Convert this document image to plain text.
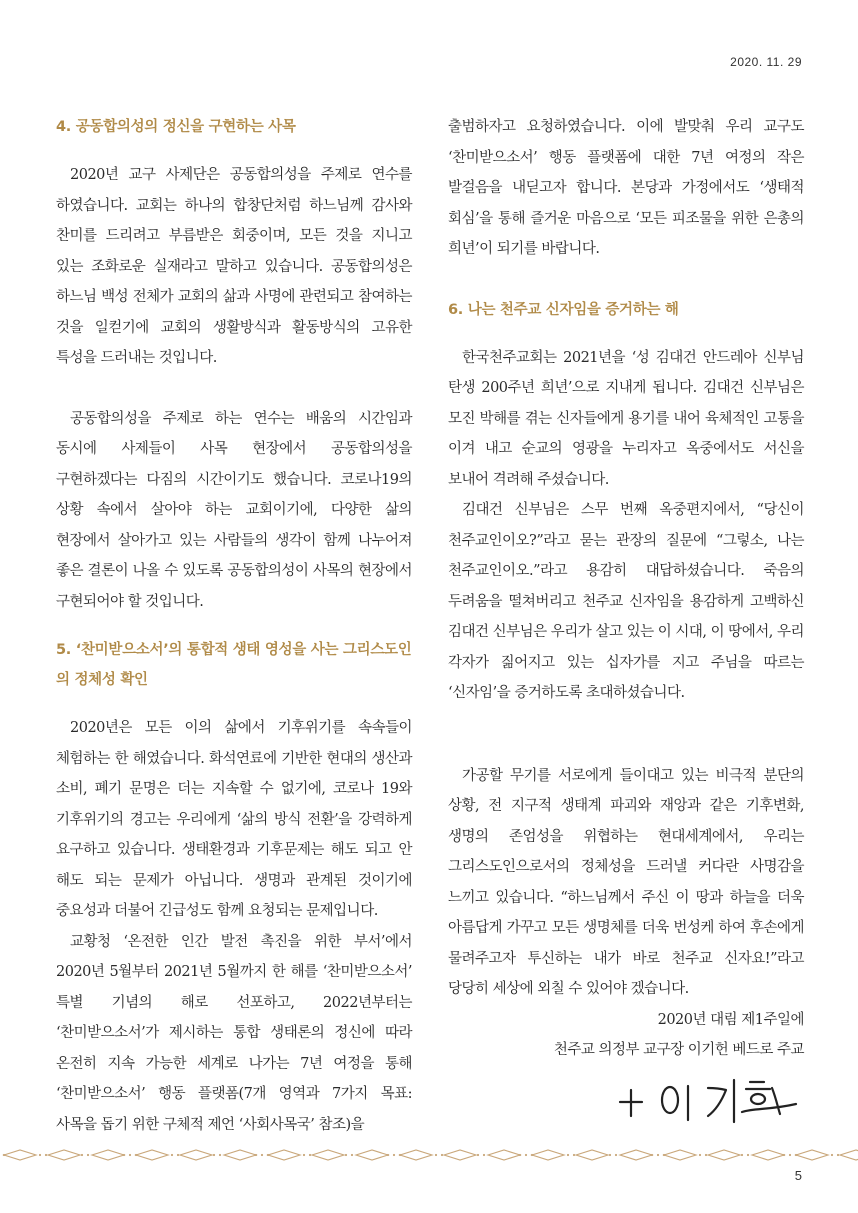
2020. 11. 29
4. 공동합의성의 정신을 구현하는 사목

2020년 교구 사제단은 공동합의성을 주제로 연수를 하였습니다. 교회는 하나의 합창단처럼 하느님께 감사와 찬미를 드리려고 부름받은 회중이며, 모든 것을 지니고 있는 조화로운 실재라고 말하고 있습니다. 공동합의성은 하느님 백성 전체가 교회의 삶과 사명에 관련되고 참여하는 것을 일컫기에 교회의 생활방식과 활동방식의 고유한 특성을 드러내는 것입니다.

공동합의성을 주제로 하는 연수는 배움의 시간임과 동시에 사제들이 사목 현장에서 공동합의성을 구현하겠다는 다짐의 시간이기도 했습니다. 코로나19의 상황 속에서 살아야 하는 교회이기에, 다양한 삶의 현장에서 살아가고 있는 사람들의 생각이 함께 나누어져 좋은 결론이 나올 수 있도록 공동합의성이 사목의 현장에서 구현되어야 할 것입니다.

5. ‘찬미받으소서’의 통합적 생태 영성을 사는 그리스도인의 정체성 확인

2020년은 모든 이의 삶에서 기후위기를 속속들이 체험하는 한 해였습니다. 화석연료에 기반한 현대의 생산과 소비, 폐기 문명은 더는 지속할 수 없기에, 코로나 19와 기후위기의 경고는 우리에게 ‘삶의 방식 전환’을 강력하게 요구하고 있습니다. 생태환경과 기후문제는 해도 되고 안 해도 되는 문제가 아닙니다. 생명과 관계된 것이기에 중요성과 더불어 긴급성도 함께 요청되는 문제입니다.

교황청 ‘온전한 인간 발전 촉진을 위한 부서’에서 2020년 5월부터 2021년 5월까지 한 해를 ‘찬미받으소서’ 특별 기념의 해로 선포하고, 2022년부터는 ‘찬미받으소서’가 제시하는 통합 생태론의 정신에 따라 온전히 지속 가능한 세계로 나가는 7년 여정을 통해 ‘찬미받으소서’ 행동 플랫폼(7개 영역과 7가지 목표: 사목을 돕기 위한 구체적 제언 ‘사회사목국’ 참조)을

출범하자고 요청하였습니다. 이에 발맞춰 우리 교구도 ‘찬미받으소서’ 행동 플랫폼에 대한 7년 여정의 작은 발걸음을 내딛고자 합니다. 본당과 가정에서도 ‘생태적 회심’을 통해 즐거운 마음으로 ‘모든 피조물을 위한 은총의 희년’이 되기를 바랍니다.

6. 나는 천주교 신자임을 증거하는 해

한국천주교회는 2021년을 ‘성 김대건 안드레아 신부님 탄생 200주년 희년’으로 지내게 됩니다. 김대건 신부님은 모진 박해를 겪는 신자들에게 용기를 내어 육체적인 고통을 이겨 내고 순교의 영광을 누리자고 옥중에서도 서신을 보내어 격려해 주셨습니다.

김대건 신부님은 스무 번째 옥중편지에서, “당신이 천주교인이오?”라고 묻는 관장의 질문에 “그렇소, 나는 천주교인이오.”라고 용감히 대답하셨습니다. 죽음의 두려움을 떨쳐버리고 천주교 신자임을 용감하게 고백하신 김대건 신부님은 우리가 살고 있는 이 시대, 이 땅에서, 우리 각자가 짊어지고 있는 십자가를 지고 주님을 따르는 ‘신자임’을 증거하도록 초대하셨습니다.

가공할 무기를 서로에게 들이대고 있는 비극적 분단의 상황, 전 지구적 생태계 파괴와 재앙과 같은 기후변화, 생명의 존엄성을 위협하는 현대세계에서, 우리는 그리스도인으로서의 정체성을 드러낼 커다란 사명감을 느끼고 있습니다. “하느님께서 주신 이 땅과 하늘을 더욱 아름답게 가꾸고 모든 생명체를 더욱 번성케 하여 후손에게 물려주고자 투신하는 내가 바로 천주교 신자요!”라고 당당히 세상에 외칠 수 있어야 겠습니다.

2020년 대림 제1주일에

천주교 의정부 교구장 이기헌 베드로 주교

5
